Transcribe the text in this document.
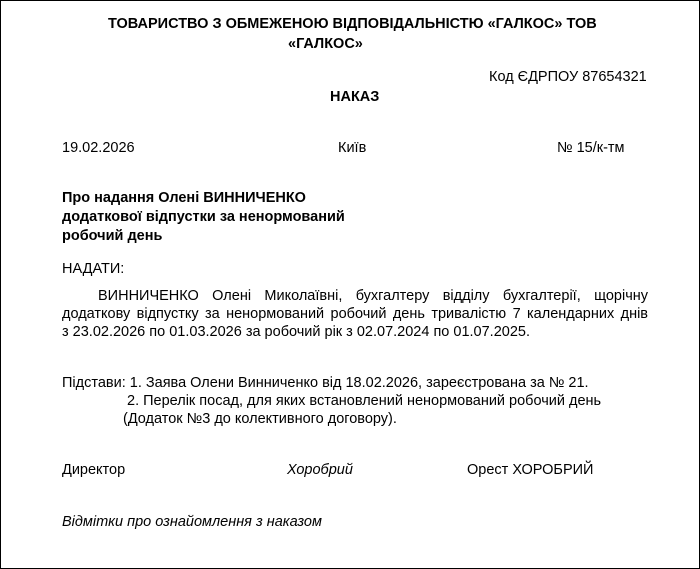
ТОВАРИСТВО З ОБМЕЖЕНОЮ ВІДПОВІДАЛЬНІСТЮ «ГАЛКОС» ТОВ
«ГАЛКОС»
Код ЄДРПОУ 87654321
НАКАЗ
19.02.2026	Київ	№ 15/к-тм
Про надання Олені ВИННИЧЕНКО
додаткової відпустки за ненормований
робочий день
НАДАТИ:
ВИННИЧЕНКО Олені Миколаївні, бухгалтеру відділу бухгалтерії, щорічну
додаткову відпустку за ненормований робочий день тривалістю 7 календарних днів
з 23.02.2026 по 01.03.2026 за робочий рік з 02.07.2024 по 01.07.2025.
Підстави: 1. Заява Олени Винниченко від 18.02.2026, зареєстрована за № 21.
2. Перелік посад, для яких встановлений ненормований робочий день
(Додаток №3 до колективного договору).
Директор	Хоробрий	Орест ХОРОБРИЙ
Відмітки про ознайомлення з наказом
